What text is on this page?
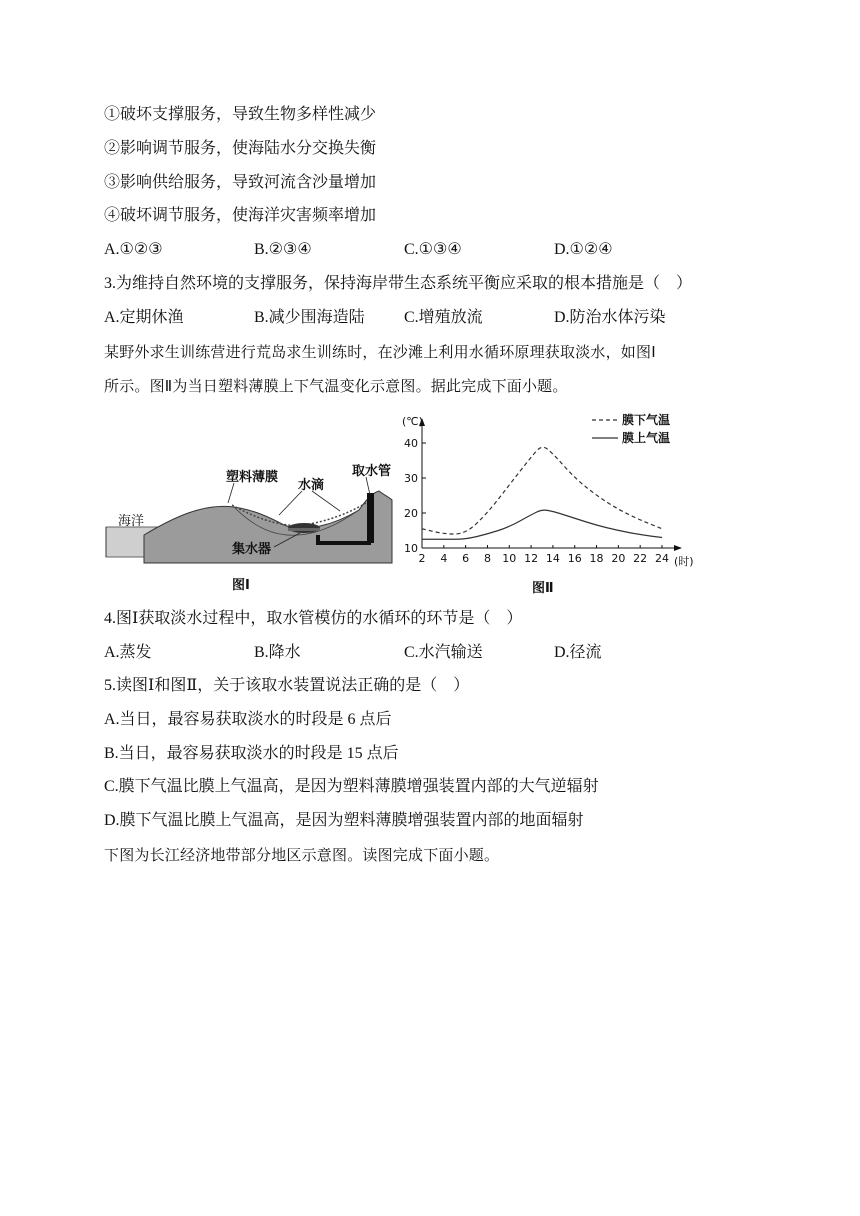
①破坏支撑服务，导致生物多样性减少
②影响调节服务，使海陆水分交换失衡
③影响供给服务，导致河流含沙量增加
④破坏调节服务，使海洋灾害频率增加
A.①②③	B.②③④	C.①③④	D.①②④
3.为维持自然环境的支撑服务，保持海岸带生态系统平衡应采取的根本措施是（　）
A.定期休渔	B.减少围海造陆 C.增殖放流	D.防治水体污染
某野外求生训练营进行荒岛求生训练时，在沙滩上利用水循环原理获取淡水，如图Ⅰ
所示。图Ⅱ为当日塑料薄膜上下气温变化示意图。据此完成下面小题。
海洋
塑料薄膜
水滴
取水管
集水器
图Ⅰ
10
20
30
40
2 4 6 8 10 12 14 16 18 20 22 24
膜下气温
膜上气温
(℃)
(时)
图Ⅱ
4.图Ⅰ获取淡水过程中，取水管模仿的水循环的环节是（　）
A.蒸发	B.降水	C.水汽输送	D.径流
5.读图Ⅰ和图Ⅱ，关于该取水装置说法正确的是（　）
A.当日，最容易获取淡水的时段是 6 点后
B.当日，最容易获取淡水的时段是 15 点后
C.膜下气温比膜上气温高，是因为塑料薄膜增强装置内部的大气逆辐射
D.膜下气温比膜上气温高，是因为塑料薄膜增强装置内部的地面辐射
下图为长江经济地带部分地区示意图。读图完成下面小题。
